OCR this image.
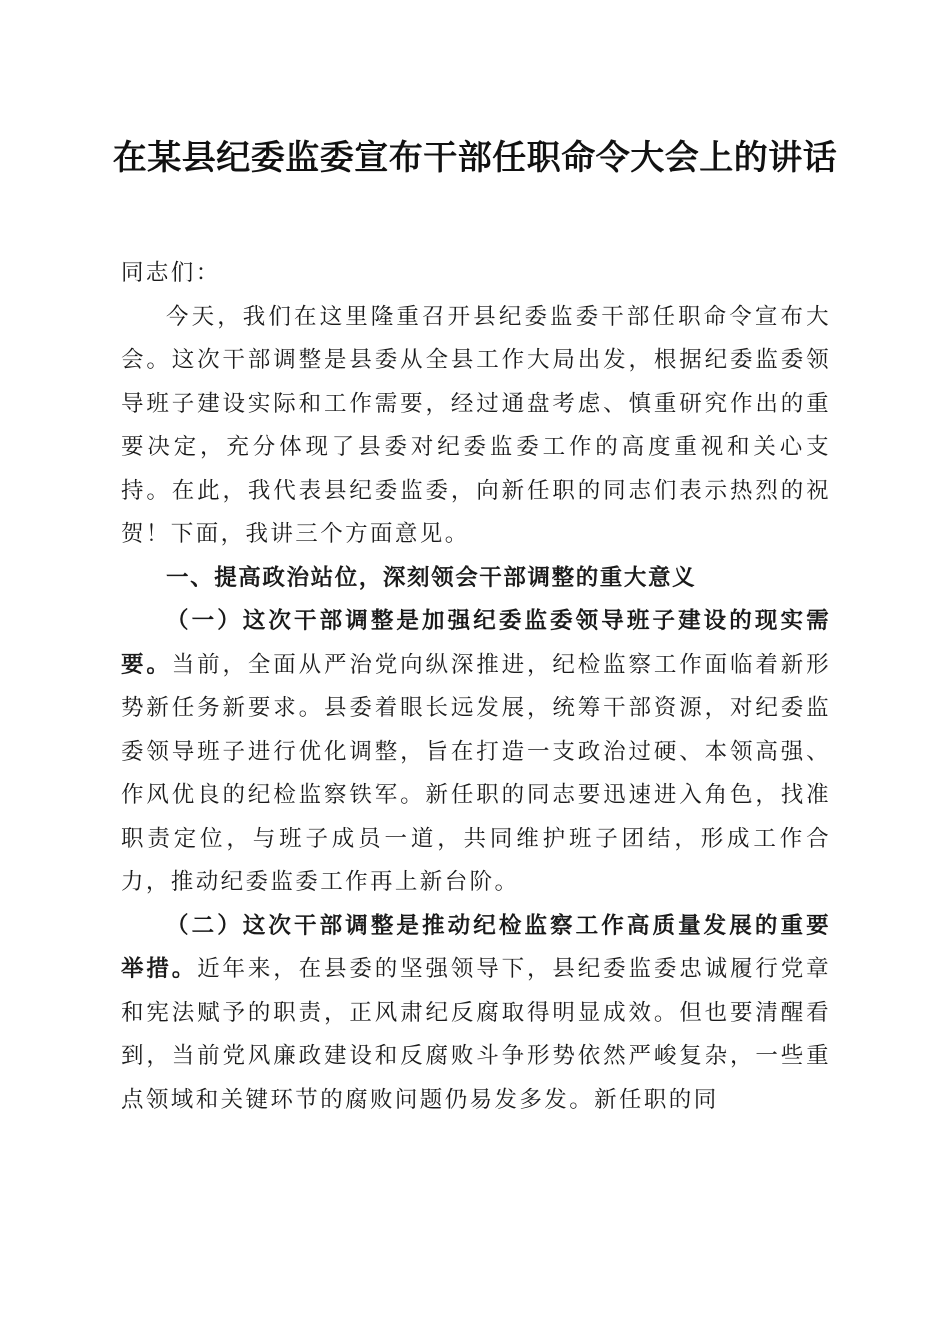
在某县纪委监委宣布干部任职命令大会上的讲话

同志们：

今天，我们在这里隆重召开县纪委监委干部任职命令宣布大会。这次干部调整是县委从全县工作大局出发，根据纪委监委领导班子建设实际和工作需要，经过通盘考虑、慎重研究作出的重要决定，充分体现了县委对纪委监委工作的高度重视和关心支持。在此，我代表县纪委监委，向新任职的同志们表示热烈的祝贺！下面，我讲三个方面意见。

一、提高政治站位，深刻领会干部调整的重大意义

（一）这次干部调整是加强纪委监委领导班子建设的现实需要。当前，全面从严治党向纵深推进，纪检监察工作面临着新形势新任务新要求。县委着眼长远发展，统筹干部资源，对纪委监委领导班子进行优化调整，旨在打造一支政治过硬、本领高强、作风优良的纪检监察铁军。新任职的同志要迅速进入角色，找准职责定位，与班子成员一道，共同维护班子团结，形成工作合力，推动纪委监委工作再上新台阶。

（二）这次干部调整是推动纪检监察工作高质量发展的重要举措。近年来，在县委的坚强领导下，县纪委监委忠诚履行党章和宪法赋予的职责，正风肃纪反腐取得明显成效。但也要清醒看到，当前党风廉政建设和反腐败斗争形势依然严峻复杂，一些重点领域和关键环节的腐败问题仍易发多发。新任职的同
